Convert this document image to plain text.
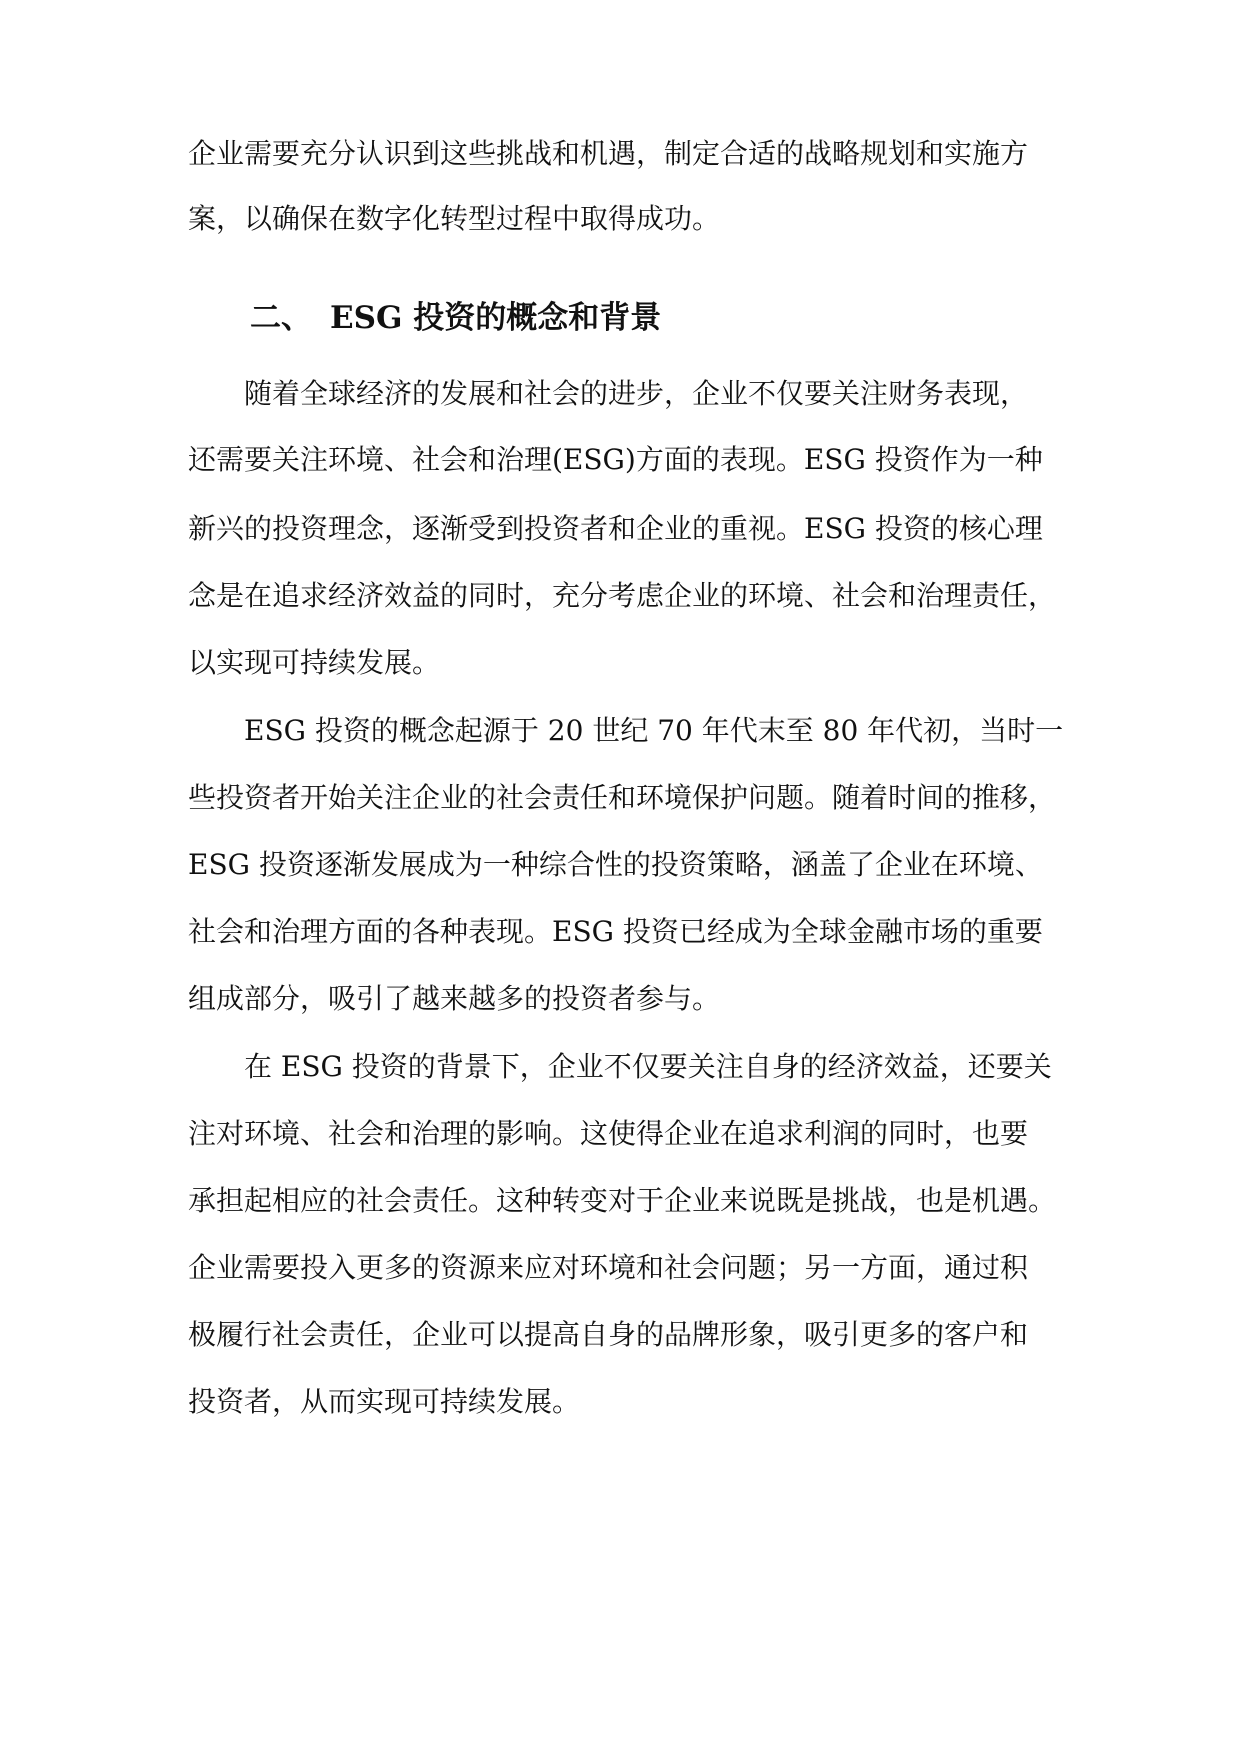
企业需要充分认识到这些挑战和机遇，制定合适的战略规划和实施方
案，以确保在数字化转型过程中取得成功。
二、 ESG 投资的概念和背景
随着全球经济的发展和社会的进步，企业不仅要关注财务表现，
还需要关注环境、社会和治理(ESG)方面的表现。ESG 投资作为一种
新兴的投资理念，逐渐受到投资者和企业的重视。ESG 投资的核心理
念是在追求经济效益的同时，充分考虑企业的环境、社会和治理责任，
以实现可持续发展。
ESG 投资的概念起源于 20 世纪 70 年代末至 80 年代初，当时一
些投资者开始关注企业的社会责任和环境保护问题。随着时间的推移，
ESG 投资逐渐发展成为一种综合性的投资策略，涵盖了企业在环境、
社会和治理方面的各种表现。ESG 投资已经成为全球金融市场的重要
组成部分，吸引了越来越多的投资者参与。
在 ESG 投资的背景下，企业不仅要关注自身的经济效益，还要关
注对环境、社会和治理的影响。这使得企业在追求利润的同时，也要
承担起相应的社会责任。这种转变对于企业来说既是挑战，也是机遇。
企业需要投入更多的资源来应对环境和社会问题；另一方面，通过积
极履行社会责任，企业可以提高自身的品牌形象，吸引更多的客户和
投资者，从而实现可持续发展。
